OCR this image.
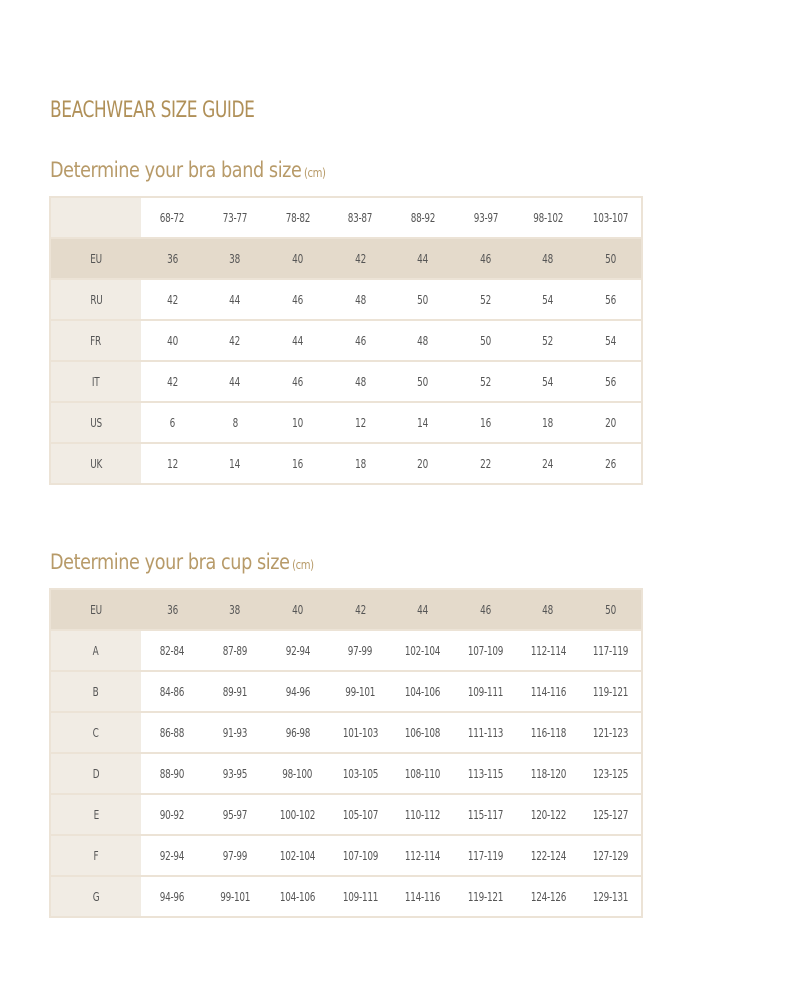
BEACHWEAR SIZE GUIDE
Determine your bra band size (cm)
	68-72	73-77	78-82	83-87	88-92	93-97	98-102	103-107
EU	36	38	40	42	44	46	48	50
RU	42	44	46	48	50	52	54	56
FR	40	42	44	46	48	50	52	54
IT	42	44	46	48	50	52	54	56
US	6	8	10	12	14	16	18	20
UK	12	14	16	18	20	22	24	26
Determine your bra cup size (cm)
EU	36	38	40	42	44	46	48	50
A	82-84	87-89	92-94	97-99	102-104	107-109	112-114	117-119
B	84-86	89-91	94-96	99-101	104-106	109-111	114-116	119-121
C	86-88	91-93	96-98	101-103	106-108	111-113	116-118	121-123
D	88-90	93-95	98-100	103-105	108-110	113-115	118-120	123-125
E	90-92	95-97	100-102	105-107	110-112	115-117	120-122	125-127
F	92-94	97-99	102-104	107-109	112-114	117-119	122-124	127-129
G	94-96	99-101	104-106	109-111	114-116	119-121	124-126	129-131
